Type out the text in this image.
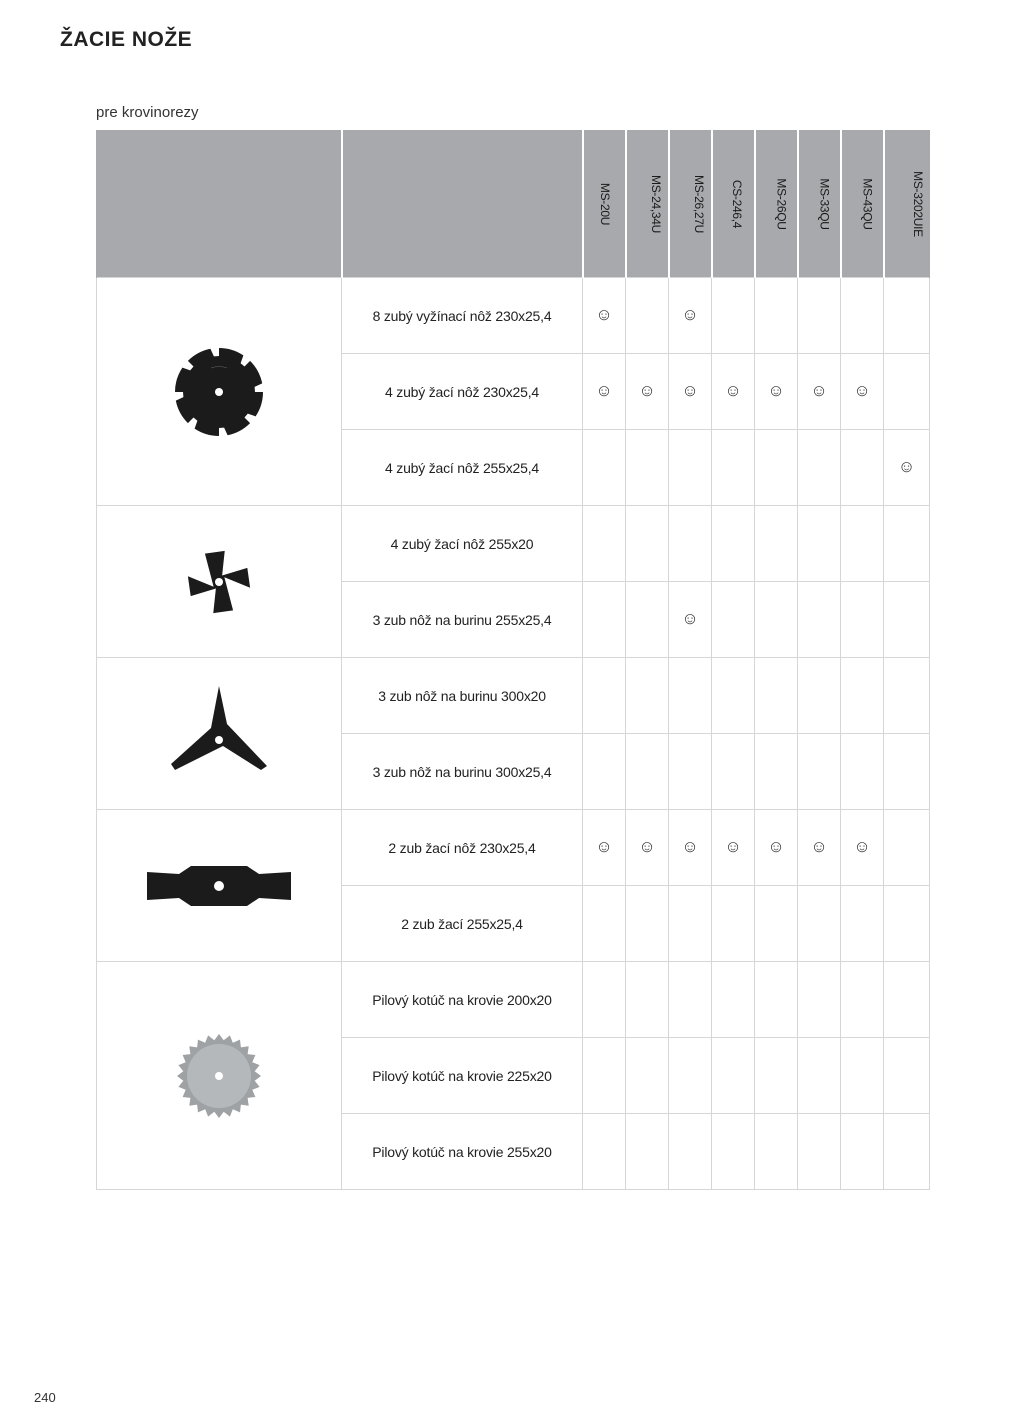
ŽACIE NOŽE
pre krovinorezy
		MS-20U	MS-24,34U	MS-26,27U	CS-246,4	MS-26QU	MS-33QU	MS-43QU	MS-3202UIE

	8 zubý vyžínací nôž 230x25,4	☺		☺					
	4 zubý žací nôž 230x25,4	☺	☺	☺	☺	☺	☺	☺	
	4 zubý žací nôž 255x25,4								☺

	4 zubý žací nôž 255x20								
	3 zub nôž na burinu 255x25,4			☺					

	3 zub nôž na burinu 300x20								
	3 zub nôž na burinu 300x25,4								

	2 zub žací nôž 230x25,4	☺	☺	☺	☺	☺	☺	☺	
	2 zub žací 255x25,4								

	Pilový kotúč na krovie 200x20								
	Pilový kotúč na krovie 225x20								
	Pilový kotúč na krovie 255x20								
240
